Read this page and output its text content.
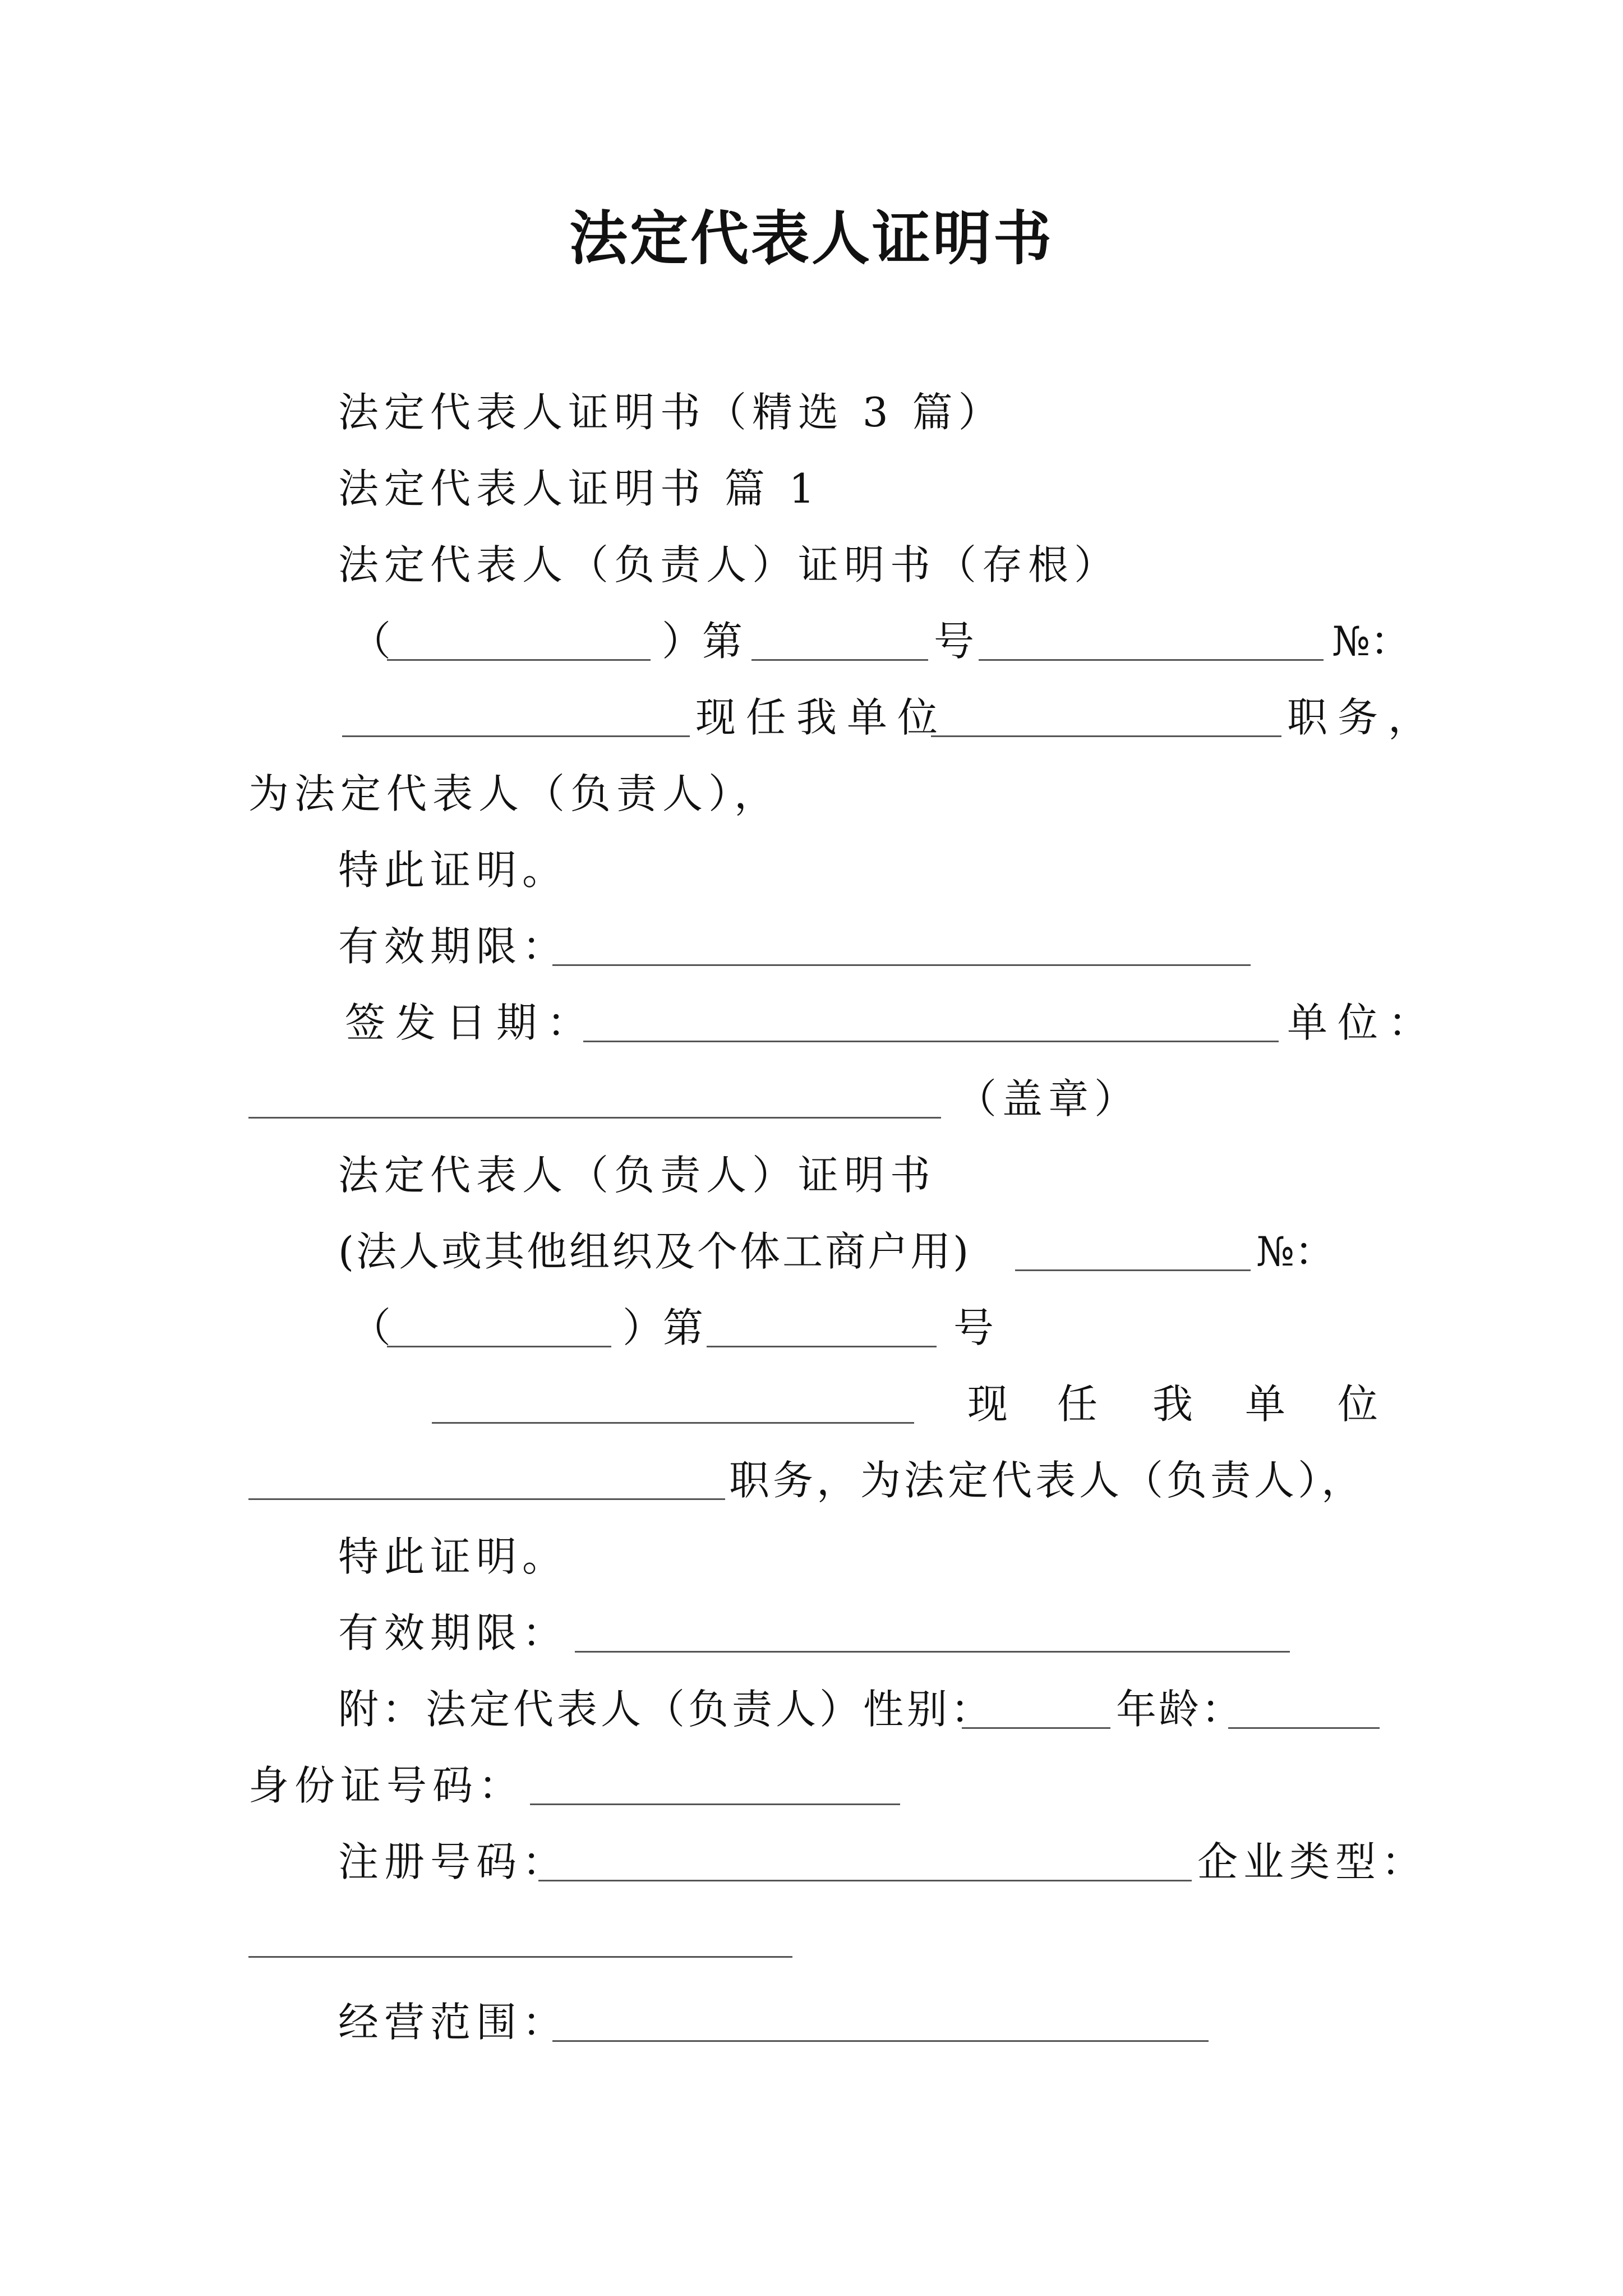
法定代表人证明书
法定代表人证明书（精选 3 篇）
法定代表人证明书 篇 1
法定代表人（负责人）证明书（存根）
（	）第	号	№：
现任我单位	职务，
为法定代表人（负责人），
特此证明。
有效期限：
签发日期：	单位：
（盖章）
法定代表人（负责人）证明书
(法人或其他组织及个体工商户用)	№：
（	）第	号
现 任 我 单 位
职务，为法定代表人（负责人），
特此证明。
有效期限：
附：法定代表人（负责人）性别：	年龄：
身份证号码：
注册号码：	企业类型：
经营范围：
